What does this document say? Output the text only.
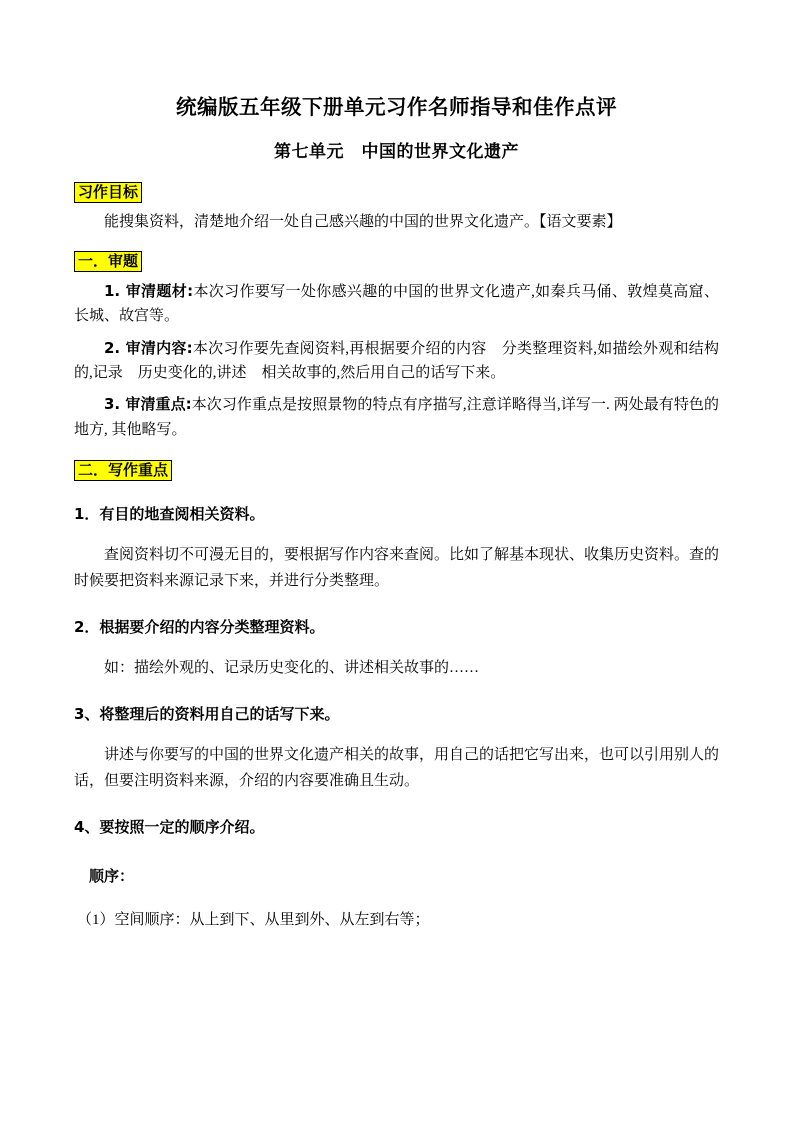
统编版五年级下册单元习作名师指导和佳作点评
第七单元　中国的世界文化遗产
习作目标

能搜集资料，清楚地介绍一处自己感兴趣的中国的世界文化遗产。【语文要素】

一．审题

1. 审清题材:本次习作要写一处你感兴趣的中国的世界文化遗产,如秦兵马俑、敦煌莫高窟、长城、故宫等。

2. 审清内容:本次习作要先查阅资料,再根据要介绍的内容　分类整理资料,如描绘外观和结构的,记录　历史变化的,讲述　相关故事的,然后用自己的话写下来。

3. 审清重点:本次习作重点是按照景物的特点有序描写,注意详略得当,详写一. 两处最有特色的地方, 其他略写。

二．写作重点

1．有目的地查阅相关资料。

查阅资料切不可漫无目的，要根据写作内容来查阅。比如了解基本现状、收集历史资料。查的时候要把资料来源记录下来，并进行分类整理。

2．根据要介绍的内容分类整理资料。

如：描绘外观的、记录历史变化的、讲述相关故事的……

3、将整理后的资料用自己的话写下来。

讲述与你要写的中国的世界文化遗产相关的故事，用自己的话把它写出来，也可以引用别人的话，但要注明资料来源，介绍的内容要准确且生动。

4、要按照一定的顺序介绍。

顺序：

（1）空间顺序：从上到下、从里到外、从左到右等；
